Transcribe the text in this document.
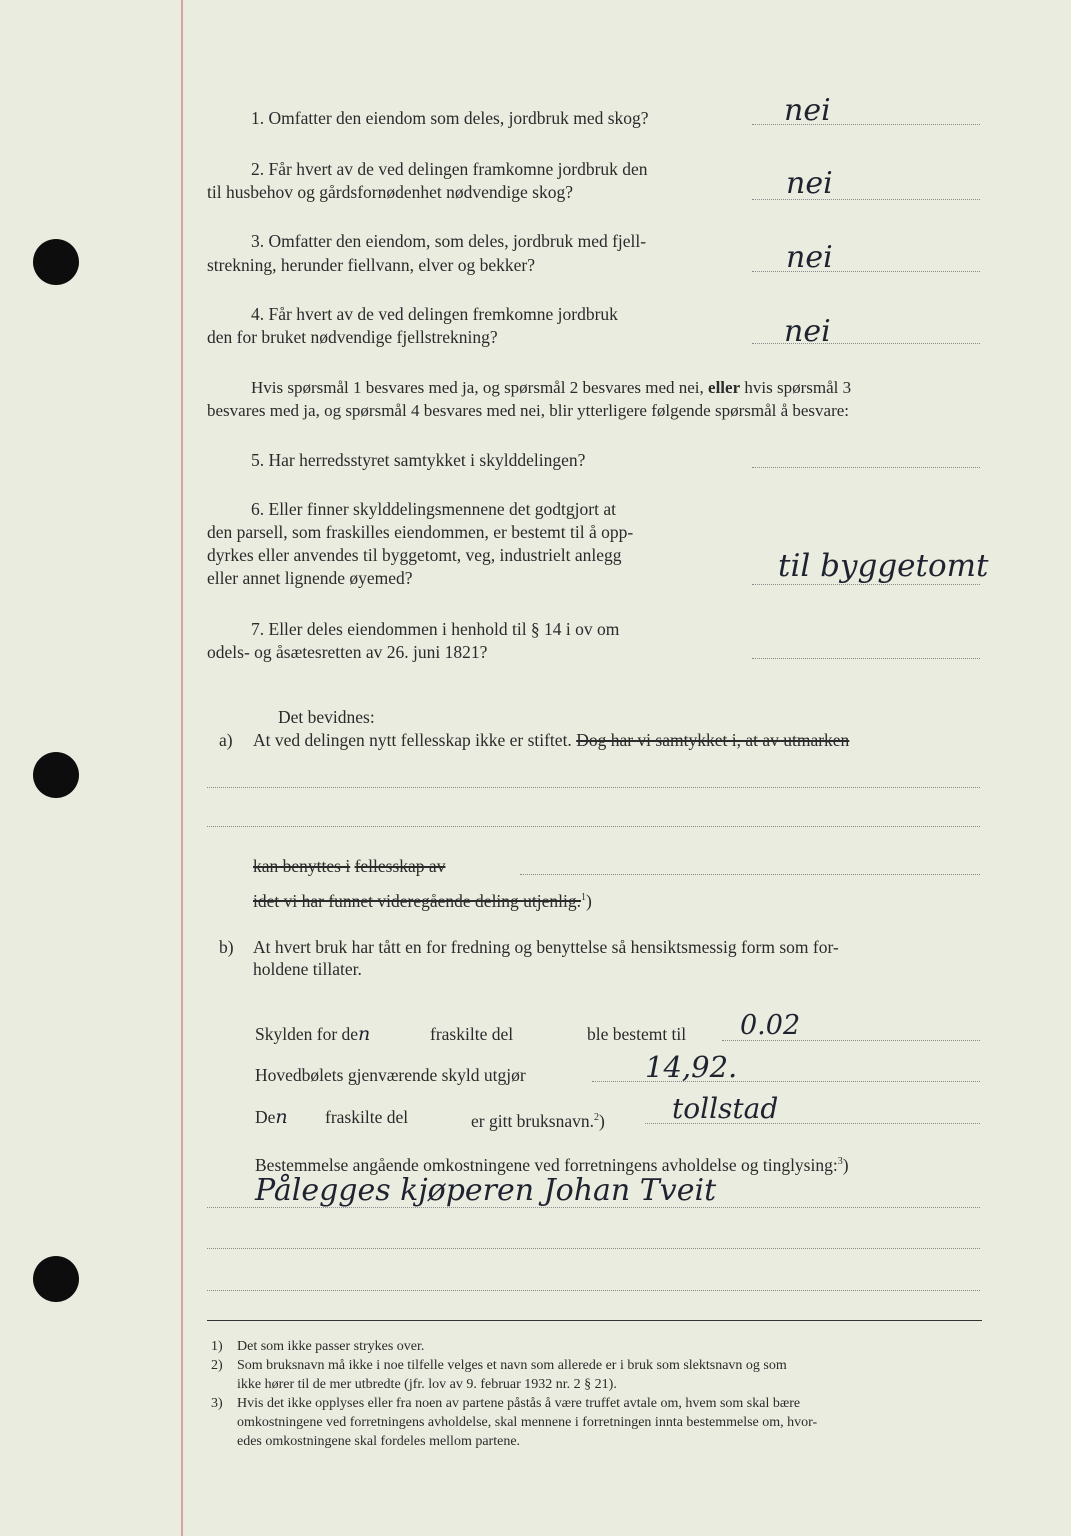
1. Omfatter den eiendom som deles, jordbruk med skog?	nei
2. Får hvert av de ved delingen framkomne jordbruk den
til husbehov og gårdsfornødenhet nødvendige skog?	nei
3. Omfatter den eiendom, som deles, jordbruk med fjell-
strekning, herunder fiellvann, elver og bekker?	nei
4. Får hvert av de ved delingen fremkomne jordbruk
den for bruket nødvendige fjellstrekning?	nei
Hvis spørsmål 1 besvares med ja, og spørsmål 2 besvares med nei, eller hvis spørsmål 3
besvares med ja, og spørsmål 4 besvares med nei, blir ytterligere følgende spørsmål å besvare:
5. Har herredsstyret samtykket i skylddelingen?
6. Eller finner skylddelingsmennene det godtgjort at
den parsell, som fraskilles eiendommen, er bestemt til å opp-
dyrkes eller anvendes til byggetomt, veg, industrielt anlegg
eller annet lignende øyemed?	til byggetomt
7. Eller deles eiendommen i henhold til § 14 i ov om
odels- og åsætesretten av 26. juni 1821?
Det bevidnes:
a) At ved delingen nytt fellesskap ikke er stiftet. Dog har vi samtykket i, at av utmarken
kan benyttes i fellesskap av
idet vi har funnet videregående deling utjenlig.$^1$)
b) At hvert bruk har tått en for fredning og benyttelse så hensiktsmessig form som for-
holdene tillater.
Skylden for den	fraskilte del	ble bestemt til 0.02
Hovedbølets gjenværende skyld utgjør	14,92.
Den fraskilte del	er gitt bruksnavn.$^2$) tollstad
Bestemmelse angående omkostningene ved forretningens avholdelse og tinglysing:$^3$)
Pålegges kjøperen Johan Tveit
1) Det som ikke passer strykes over.
2) Som bruksnavn må ikke i noe tilfelle velges et navn som allerede er i bruk som slektsnavn og som
ikke hører til de mer utbredte (jfr. lov av 9. februar 1932 nr. 2 § 21).
3) Hvis det ikke opplyses eller fra noen av partene påstås å være truffet avtale om, hvem som skal bære
omkostningene ved forretningens avholdelse, skal mennene i forretningen innta bestemmelse om, hvor-
edes omkostningene skal fordeles mellom partene.
